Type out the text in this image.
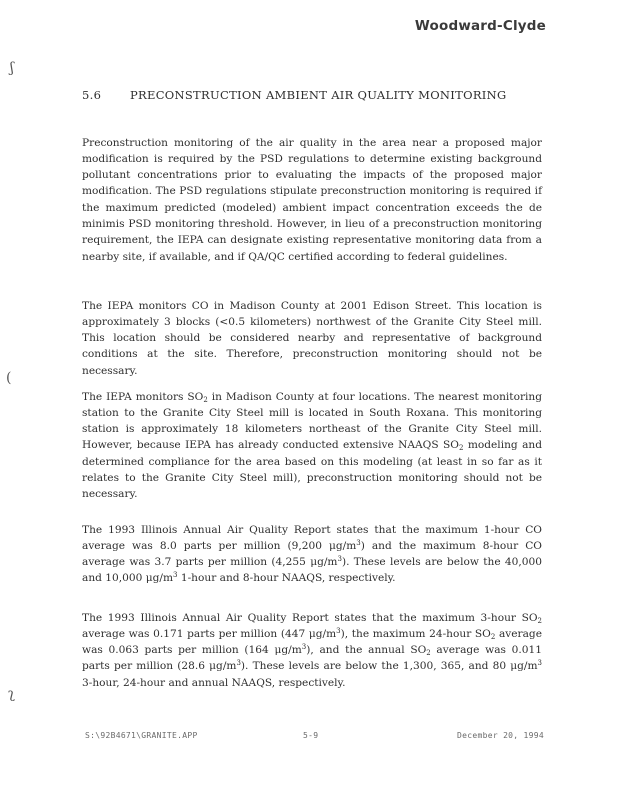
Woodward-Clyde
ʃ
(
ʅ
5.6	PRECONSTRUCTION AMBIENT AIR QUALITY MONITORING

Preconstruction monitoring of the air quality in the area near a proposed major modification is required by the PSD regulations to determine existing background pollutant concentrations prior to evaluating the impacts of the proposed major modification. The PSD regulations stipulate preconstruction monitoring is required if the maximum predicted (modeled) ambient impact concentration exceeds the de minimis PSD monitoring threshold. However, in lieu of a preconstruction monitoring requirement, the IEPA can designate existing representative monitoring data from a nearby site, if available, and if QA/QC certified according to federal guidelines.

The IEPA monitors CO in Madison County at 2001 Edison Street. This location is approximately 3 blocks (<0.5 kilometers) northwest of the Granite City Steel mill. This location should be considered nearby and representative of background conditions at the site. Therefore, preconstruction monitoring should not be necessary.

The IEPA monitors $SO_2$ in Madison County at four locations. The nearest monitoring station to the Granite City Steel mill is located in South Roxana. This monitoring station is approximately 18 kilometers northeast of the Granite City Steel mill. However, because IEPA has already conducted extensive NAAQS $SO_2$ modeling and determined compliance for the area based on this modeling (at least in so far as it relates to the Granite City Steel mill), preconstruction monitoring should not be necessary.

The 1993 Illinois Annual Air Quality Report states that the maximum 1-hour CO average was 8.0 parts per million (9,200 $\mu g/m^3$) and the maximum 8-hour CO average was 3.7 parts per million (4,255 $\mu g/m^3$). These levels are below the 40,000 and 10,000 $\mu g/m^3$ 1-hour and 8-hour NAAQS, respectively.

The 1993 Illinois Annual Air Quality Report states that the maximum 3-hour $SO_2$ average was 0.171 parts per million (447 $\mu g/m^3$), the maximum 24-hour $SO_2$ average was 0.063 parts per million (164 $\mu g/m^3$), and the annual $SO_2$ average was 0.011 parts per million (28.6 $\mu g/m^3$). These levels are below the 1,300, 365, and 80 $\mu g/m^3$ 3-hour, 24-hour and annual NAAQS, respectively.

S:\92B4671\GRANITE.APP	5-9	December 20, 1994
